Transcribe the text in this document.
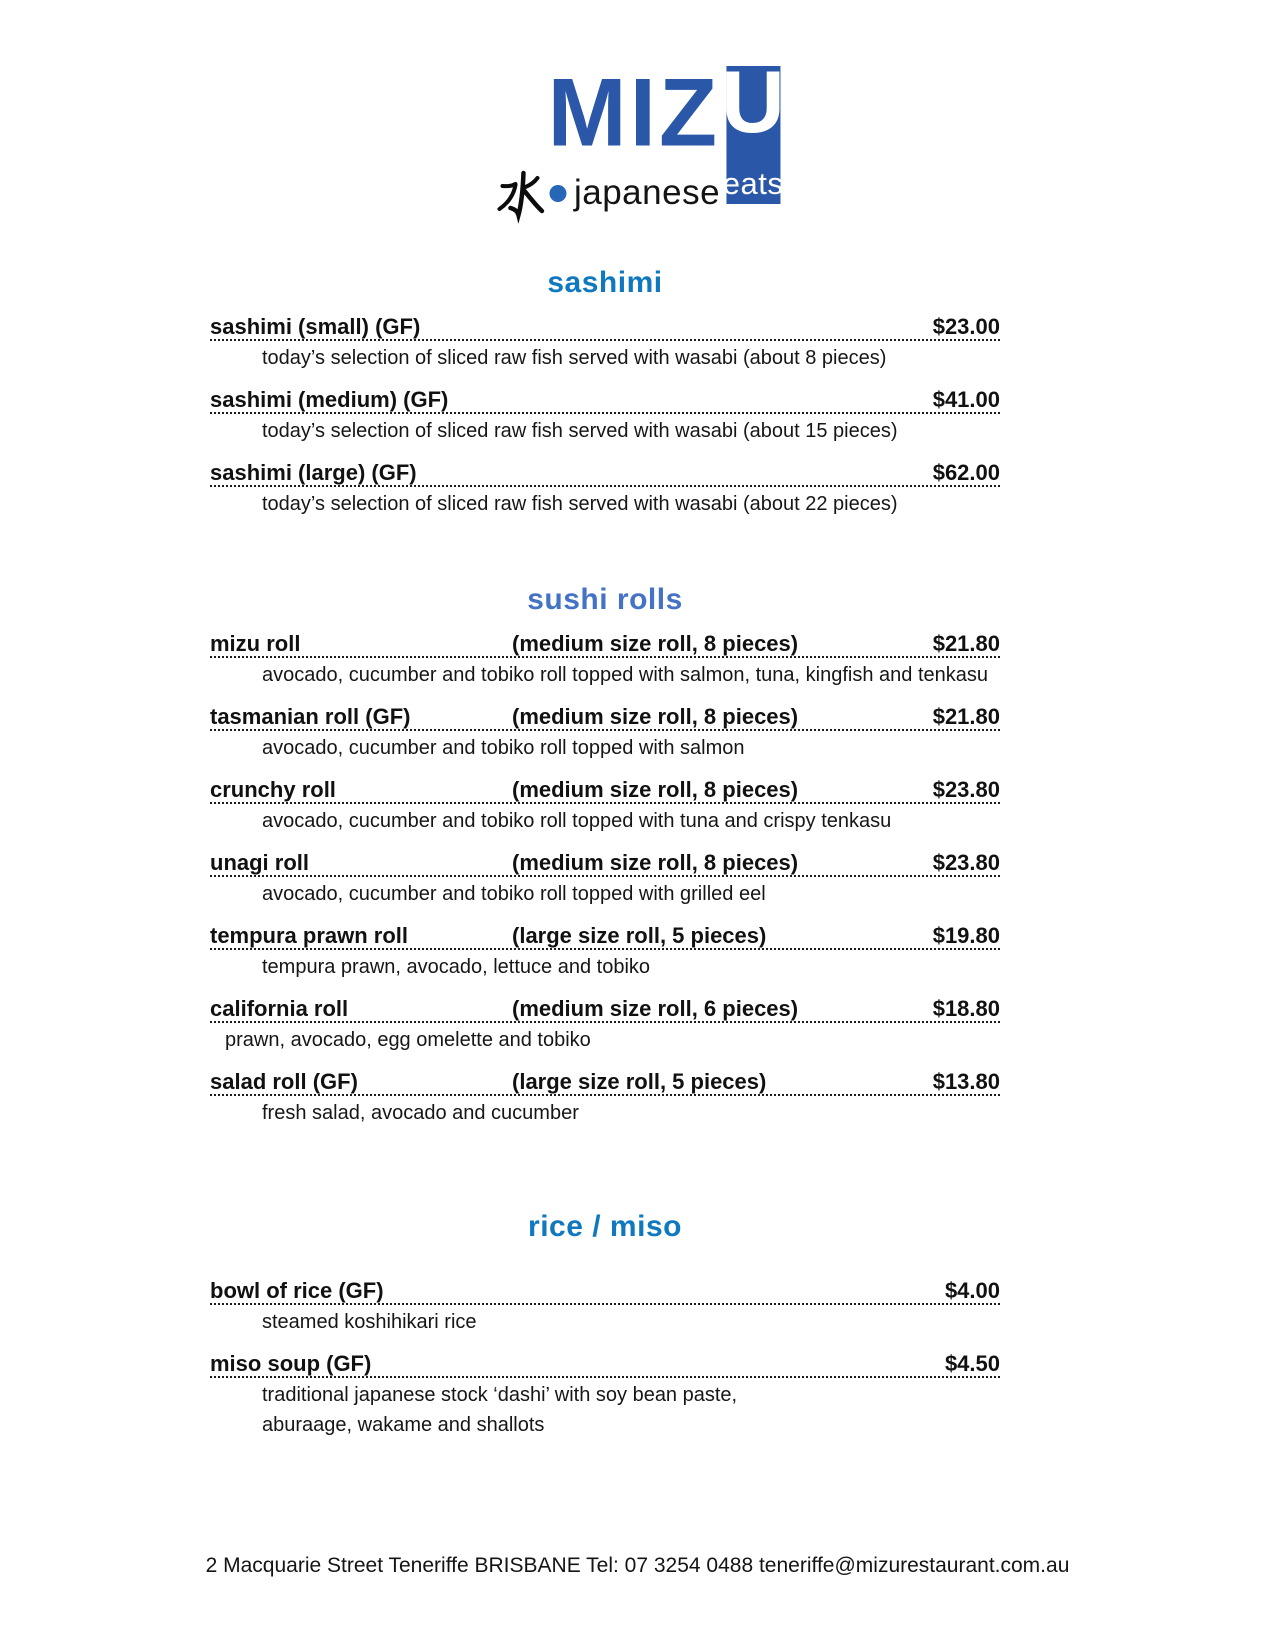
MIZ
japanese
U
eats
sashimi
sashimi (small) (GF)	$23.00
today’s selection of sliced raw fish served with wasabi (about 8 pieces)
sashimi (medium) (GF)	$41.00
today’s selection of sliced raw fish served with wasabi (about 15 pieces)
sashimi (large) (GF)	$62.00
today’s selection of sliced raw fish served with wasabi (about 22 pieces)
sushi rolls
mizu roll	(medium size roll, 8 pieces)	$21.80
avocado, cucumber and tobiko roll topped with salmon, tuna, kingfish and tenkasu
tasmanian roll (GF)	(medium size roll, 8 pieces)	$21.80
avocado, cucumber and tobiko roll topped with salmon
crunchy roll	(medium size roll, 8 pieces)	$23.80
avocado, cucumber and tobiko roll topped with tuna and crispy tenkasu
unagi roll	(medium size roll, 8 pieces)	$23.80
avocado, cucumber and tobiko roll topped with grilled eel
tempura prawn roll	(large size roll, 5 pieces)	$19.80
tempura prawn, avocado, lettuce and tobiko
california roll	(medium size roll, 6 pieces)	$18.80
prawn, avocado, egg omelette and tobiko
salad roll (GF)	(large size roll, 5 pieces)	$13.80
fresh salad, avocado and cucumber
rice / miso
bowl of rice (GF)	$4.00
steamed koshihikari rice
miso soup (GF)	$4.50
traditional japanese stock ‘dashi’ with soy bean paste,
aburaage, wakame and shallots
2 Macquarie Street Teneriffe BRISBANE Tel: 07 3254 0488 teneriffe@mizurestaurant.com.au
